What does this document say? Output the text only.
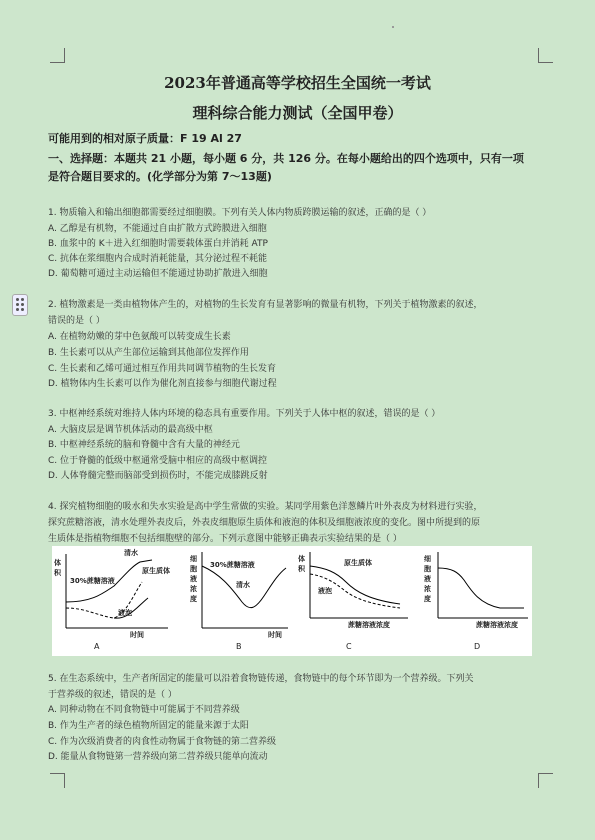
2023年普通高等学校招生全国统一考试
理科综合能力测试（全国甲卷）
可能用到的相对原子质量：F 19 Al 27
一、选择题：本题共 21 小题，每小题 6 分，共 126 分。在每小题给出的四个选项中，只有一项
是符合题目要求的。(化学部分为第 7～13题)
1. 物质输入和输出细胞都需要经过细胞膜。下列有关人体内物质跨膜运输的叙述，正确的是（ ）
A. 乙醇是有机物，不能通过自由扩散方式跨膜进入细胞
B. 血浆中的 K＋进入红细胞时需要载体蛋白并消耗 ATP
C. 抗体在浆细胞内合成时消耗能量，其分泌过程不耗能
D. 葡萄糖可通过主动运输但不能通过协助扩散进入细胞
2. 植物激素是一类由植物体产生的，对植物的生长发育有显著影响的微量有机物，下列关于植物激素的叙述，
错误的是（ ）
A. 在植物幼嫩的芽中色氨酸可以转变成生长素
B. 生长素可以从产生部位运输到其他部位发挥作用
C. 生长素和乙烯可通过相互作用共同调节植物的生长发育
D. 植物体内生长素可以作为催化剂直接参与细胞代谢过程
3. 中枢神经系统对维持人体内环境的稳态具有重要作用。下列关于人体中枢的叙述，错误的是（ ）
A. 大脑皮层是调节机体活动的最高级中枢
B. 中枢神经系统的脑和脊髓中含有大量的神经元
C. 位于脊髓的低级中枢通常受脑中相应的高级中枢调控
D. 人体脊髓完整而脑部受到损伤时，不能完成膝跳反射
4. 探究植物细胞的吸水和失水实验是高中学生常做的实验。某同学用紫色洋葱鳞片叶外表皮为材料进行实验，
探究蔗糖溶液，清水处理外表皮后，外表皮细胞原生质体和液泡的体积及细胞液浓度的变化。图中所提到的原
生质体是指植物细胞不包括细胞壁的部分。下列示意图中能够正确表示实验结果的是（ ）
体
积
清水
原生质体
30%蔗糖溶液
液泡
时间
A
细
胞
液
浓
度
30%蔗糖溶液
清水
时间
B
体
积
原生质体
液泡
蔗糖溶液浓度
C
细
胞
液
浓
度
蔗糖溶液浓度
D
5. 在生态系统中，生产者所固定的能量可以沿着食物链传递，食物链中的每个环节即为一个营养级。下列关
于营养级的叙述，错误的是（ ）
A. 同种动物在不同食物链中可能属于不同营养级
B. 作为生产者的绿色植物所固定的能量来源于太阳
C. 作为次级消费者的肉食性动物属于食物链的第二营养级
D. 能量从食物链第一营养级向第二营养级只能单向流动
